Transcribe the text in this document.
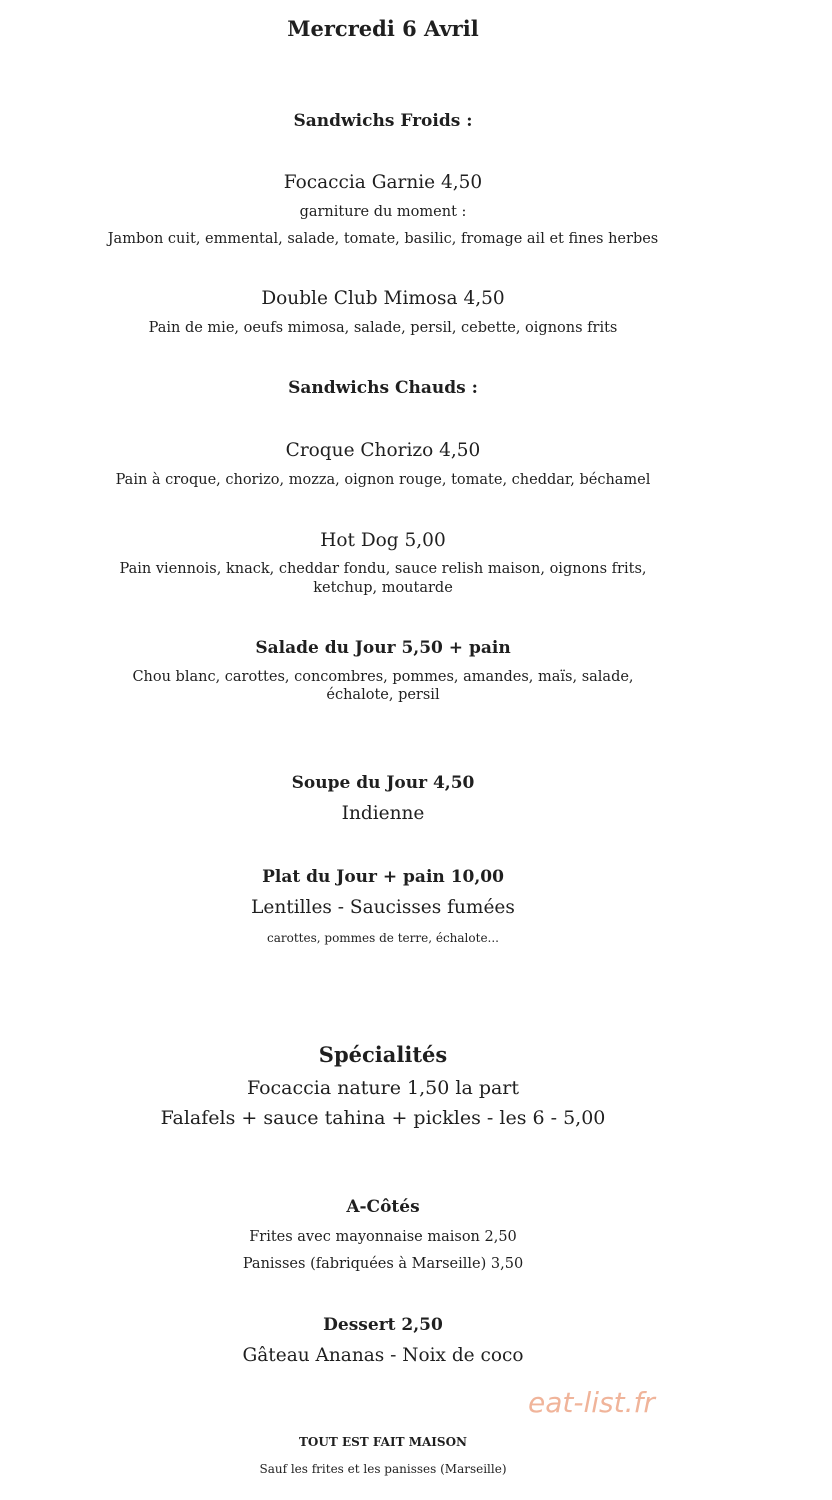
Mercredi 6 Avril
Sandwichs Froids :
Focaccia Garnie 4,50
garniture du moment :
Jambon cuit, emmental, salade, tomate, basilic, fromage ail et fines herbes
Double Club Mimosa 4,50
Pain de mie, oeufs mimosa, salade, persil, cebette, oignons frits
Sandwichs Chauds :
Croque Chorizo 4,50
Pain à croque, chorizo, mozza, oignon rouge, tomate, cheddar, béchamel
Hot Dog 5,00
Pain viennois, knack, cheddar fondu, sauce relish maison, oignons frits,
ketchup, moutarde
Salade du Jour 5,50 + pain
Chou blanc, carottes, concombres, pommes, amandes, maïs, salade,
échalote, persil
Soupe du Jour 4,50
Indienne
Plat du Jour + pain 10,00
Lentilles - Saucisses fumées
carottes, pommes de terre, échalote...
Spécialités
Focaccia nature 1,50 la part
Falafels + sauce tahina + pickles - les 6 - 5,00
A-Côtés
Frites avec mayonnaise maison 2,50
Panisses (fabriquées à Marseille) 3,50
Dessert 2,50
Gâteau Ananas - Noix de coco
eat-list.fr
TOUT EST FAIT MAISON
Sauf les frites et les panisses (Marseille)
